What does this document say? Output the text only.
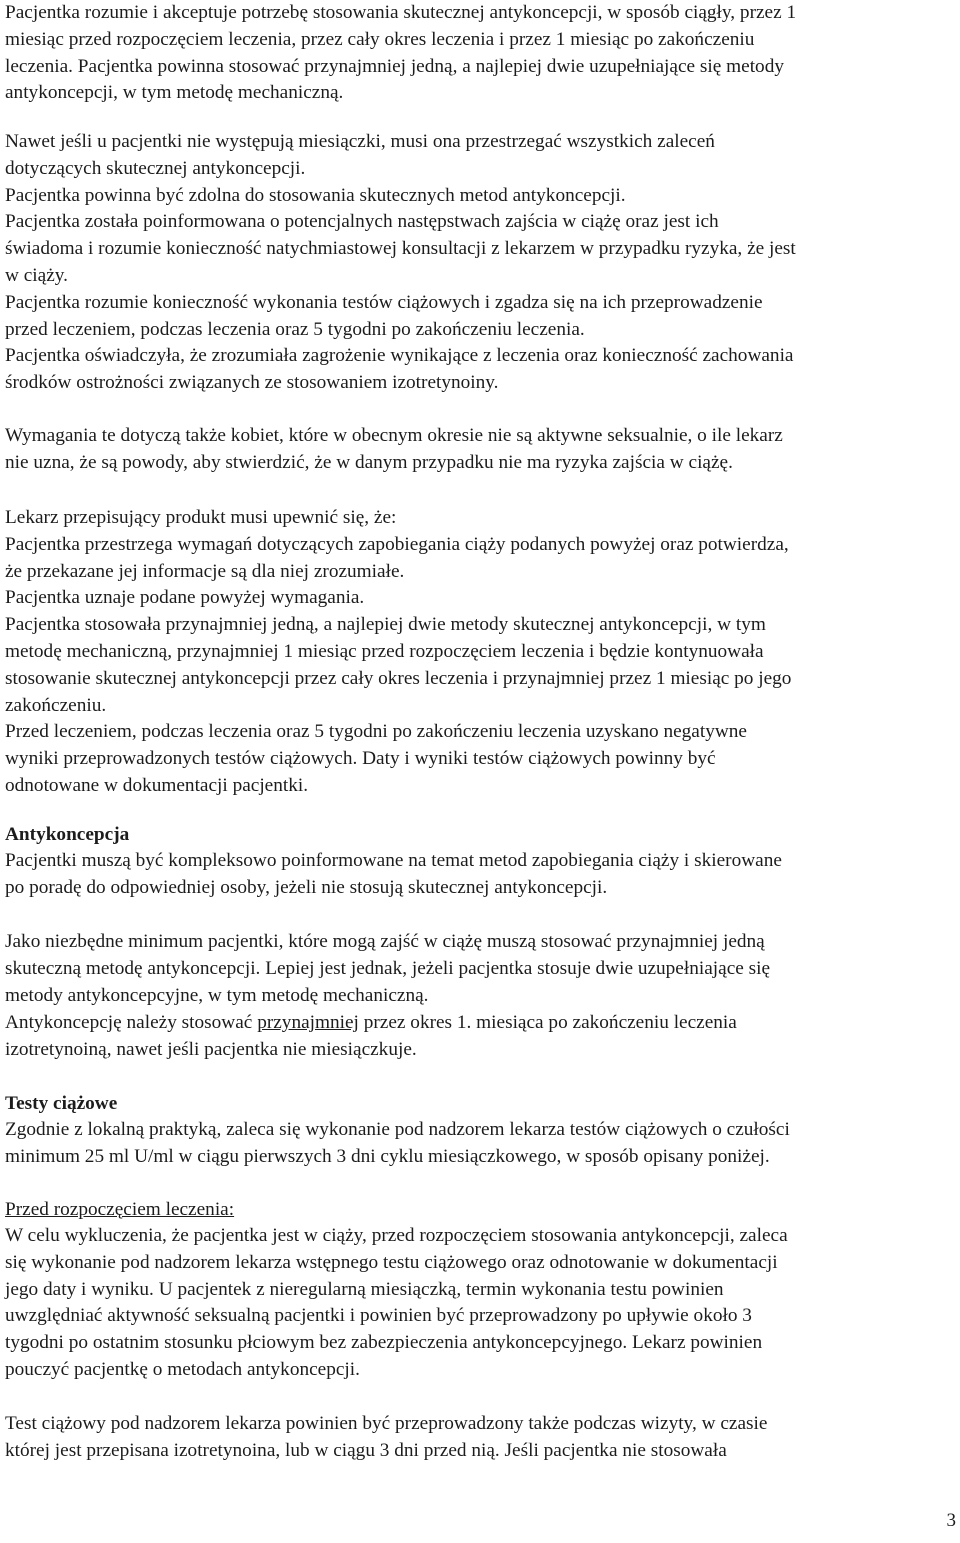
Pacjentka rozumie i akceptuje potrzebę stosowania skutecznej antykoncepcji, w sposób ciągły, przez 1
miesiąc przed rozpoczęciem leczenia, przez cały okres leczenia i przez 1 miesiąc po zakończeniu
leczenia. Pacjentka powinna stosować przynajmniej jedną, a najlepiej dwie uzupełniające się metody
antykoncepcji, w tym metodę mechaniczną.

Nawet jeśli u pacjentki nie występują miesiączki, musi ona przestrzegać wszystkich zaleceń
dotyczących skutecznej antykoncepcji.
Pacjentka powinna być zdolna do stosowania skutecznych metod antykoncepcji.
Pacjentka została poinformowana o potencjalnych następstwach zajścia w ciążę oraz jest ich
świadoma i rozumie konieczność natychmiastowej konsultacji z lekarzem w przypadku ryzyka, że jest
w ciąży.
Pacjentka rozumie konieczność wykonania testów ciążowych i zgadza się na ich przeprowadzenie
przed leczeniem, podczas leczenia oraz 5 tygodni po zakończeniu leczenia.
Pacjentka oświadczyła, że zrozumiała zagrożenie wynikające z leczenia oraz konieczność zachowania
środków ostrożności związanych ze stosowaniem izotretynoiny.

Wymagania te dotyczą także kobiet, które w obecnym okresie nie są aktywne seksualnie, o ile lekarz
nie uzna, że są powody, aby stwierdzić, że w danym przypadku nie ma ryzyka zajścia w ciążę.

Lekarz przepisujący produkt musi upewnić się, że:
Pacjentka przestrzega wymagań dotyczących zapobiegania ciąży podanych powyżej oraz potwierdza,
że przekazane jej informacje są dla niej zrozumiałe.
Pacjentka uznaje podane powyżej wymagania.
Pacjentka stosowała przynajmniej jedną, a najlepiej dwie metody skutecznej antykoncepcji, w tym
metodę mechaniczną, przynajmniej 1 miesiąc przed rozpoczęciem leczenia i będzie kontynuowała
stosowanie skutecznej antykoncepcji przez cały okres leczenia i przynajmniej przez 1 miesiąc po jego
zakończeniu.
Przed leczeniem, podczas leczenia oraz 5 tygodni po zakończeniu leczenia uzyskano negatywne
wyniki przeprowadzonych testów ciążowych. Daty i wyniki testów ciążowych powinny być
odnotowane w dokumentacji pacjentki.

Antykoncepcja

Pacjentki muszą być kompleksowo poinformowane na temat metod zapobiegania ciąży i skierowane
po poradę do odpowiedniej osoby, jeżeli nie stosują skutecznej antykoncepcji.

Jako niezbędne minimum pacjentki, które mogą zajść w ciążę muszą stosować przynajmniej jedną
skuteczną metodę antykoncepcji. Lepiej jest jednak, jeżeli pacjentka stosuje dwie uzupełniające się
metody antykoncepcyjne, w tym metodę mechaniczną.

Antykoncepcję należy stosować przynajmniej przez okres 1. miesiąca po zakończeniu leczenia
izotretynoiną, nawet jeśli pacjentka nie miesiączkuje.

Testy ciążowe

Zgodnie z lokalną praktyką, zaleca się wykonanie pod nadzorem lekarza testów ciążowych o czułości
minimum 25 ml U/ml w ciągu pierwszych 3 dni cyklu miesiączkowego, w sposób opisany poniżej.

Przed rozpoczęciem leczenia:

W celu wykluczenia, że pacjentka jest w ciąży, przed rozpoczęciem stosowania antykoncepcji, zaleca
się wykonanie pod nadzorem lekarza wstępnego testu ciążowego oraz odnotowanie w dokumentacji
jego daty i wyniku. U pacjentek z nieregularną miesiączką, termin wykonania testu powinien
uwzględniać aktywność seksualną pacjentki i powinien być przeprowadzony po upływie około 3
tygodni po ostatnim stosunku płciowym bez zabezpieczenia antykoncepcyjnego. Lekarz powinien
pouczyć pacjentkę o metodach antykoncepcji.

Test ciążowy pod nadzorem lekarza powinien być przeprowadzony także podczas wizyty, w czasie
której jest przepisana izotretynoina, lub w ciągu 3 dni przed nią. Jeśli pacjentka nie stosowała

3
